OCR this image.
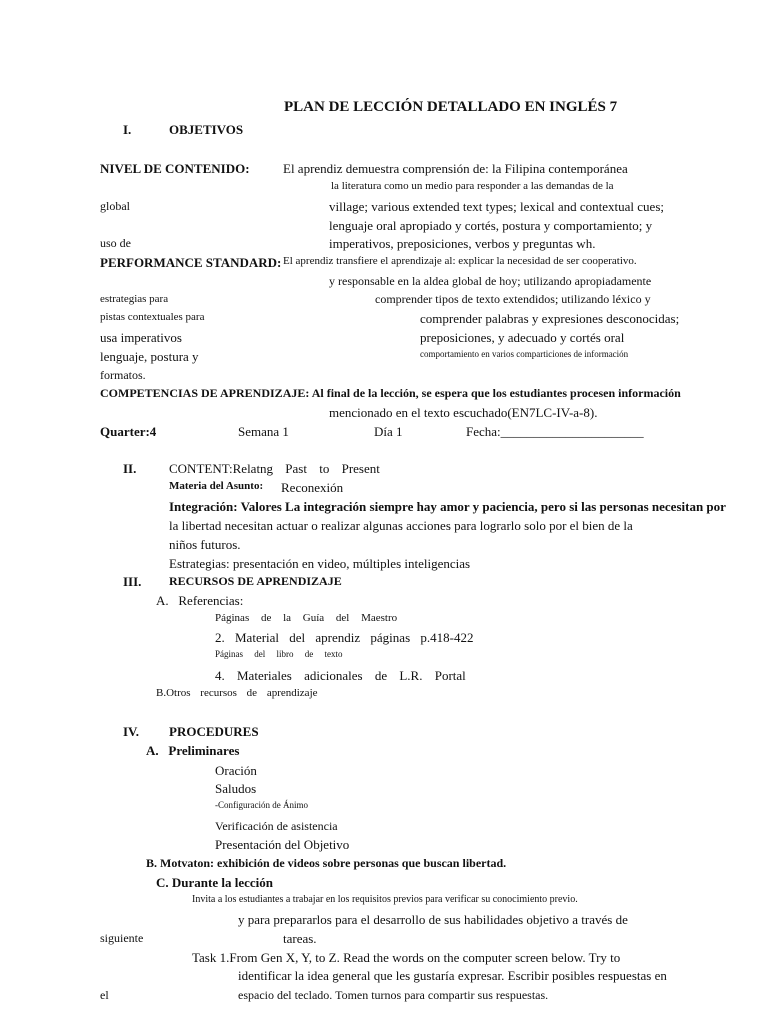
PLAN DE LECCIÓN DETALLADO EN INGLÉS 7
I.	OBJETIVOS
NIVEL DE CONTENIDO:	El aprendiz demuestra comprensión de: la Filipina contemporánea
la literatura como un medio para responder a las demandas de la
global	village; various extended text types; lexical and contextual cues;
lenguaje oral apropiado y cortés, postura y comportamiento; y
uso de	imperativos, preposiciones, verbos y preguntas wh.
PERFORMANCE STANDARD: El aprendiz transfiere el aprendizaje al: explicar la necesidad de ser cooperativo.
y responsable en la aldea global de hoy; utilizando apropiadamente
estrategias para	comprender tipos de texto extendidos; utilizando léxico y
pistas contextuales para	comprender palabras y expresiones desconocidas;
usa imperativos	preposiciones, y adecuado y cortés oral
lenguaje, postura y	comportamiento en varios comparticiones de información
formatos.
COMPETENCIAS DE APRENDIZAJE: Al final de la lección, se espera que los estudiantes procesen información
mencionado en el texto escuchado(EN7LC-IV-a-8).
Quarter:4	Semana 1	Día 1	Fecha:______________________
II.	CONTENT:Relatng Past to Present
Materia del Asunto: Reconexión
Integración: Valores La integración siempre hay amor y paciencia, pero si las personas necesitan por
la libertad necesitan actuar o realizar algunas acciones para lograrlo solo por el bien de la
niños futuros.
Estrategias: presentación en video, múltiples inteligencias
III. RECURSOS DE APRENDIZAJE
A.   Referencias:
Páginas de la Guía del Maestro
2. Material del aprendiz páginas p.418-422
Páginas del libro de texto
4. Materiales adicionales de L.R. Portal
B.Otros recursos de aprendizaje
IV. PROCEDURES
A.   Preliminares
Oración
Saludos
-Configuración de Ánimo
Verificación de asistencia
Presentación del Objetivo
B. Motvaton: exhibición de videos sobre personas que buscan libertad.
C. Durante la lección
Invita a los estudiantes a trabajar en los requisitos previos para verificar su conocimiento previo.
y para prepararlos para el desarrollo de sus habilidades objetivo a través de
siguiente	tareas.
Task 1.From Gen X, Y, to Z. Read the words on the computer screen below. Try to
identificar la idea general que les gustaría expresar. Escribir posibles respuestas en
el	espacio del teclado. Tomen turnos para compartir sus respuestas.
